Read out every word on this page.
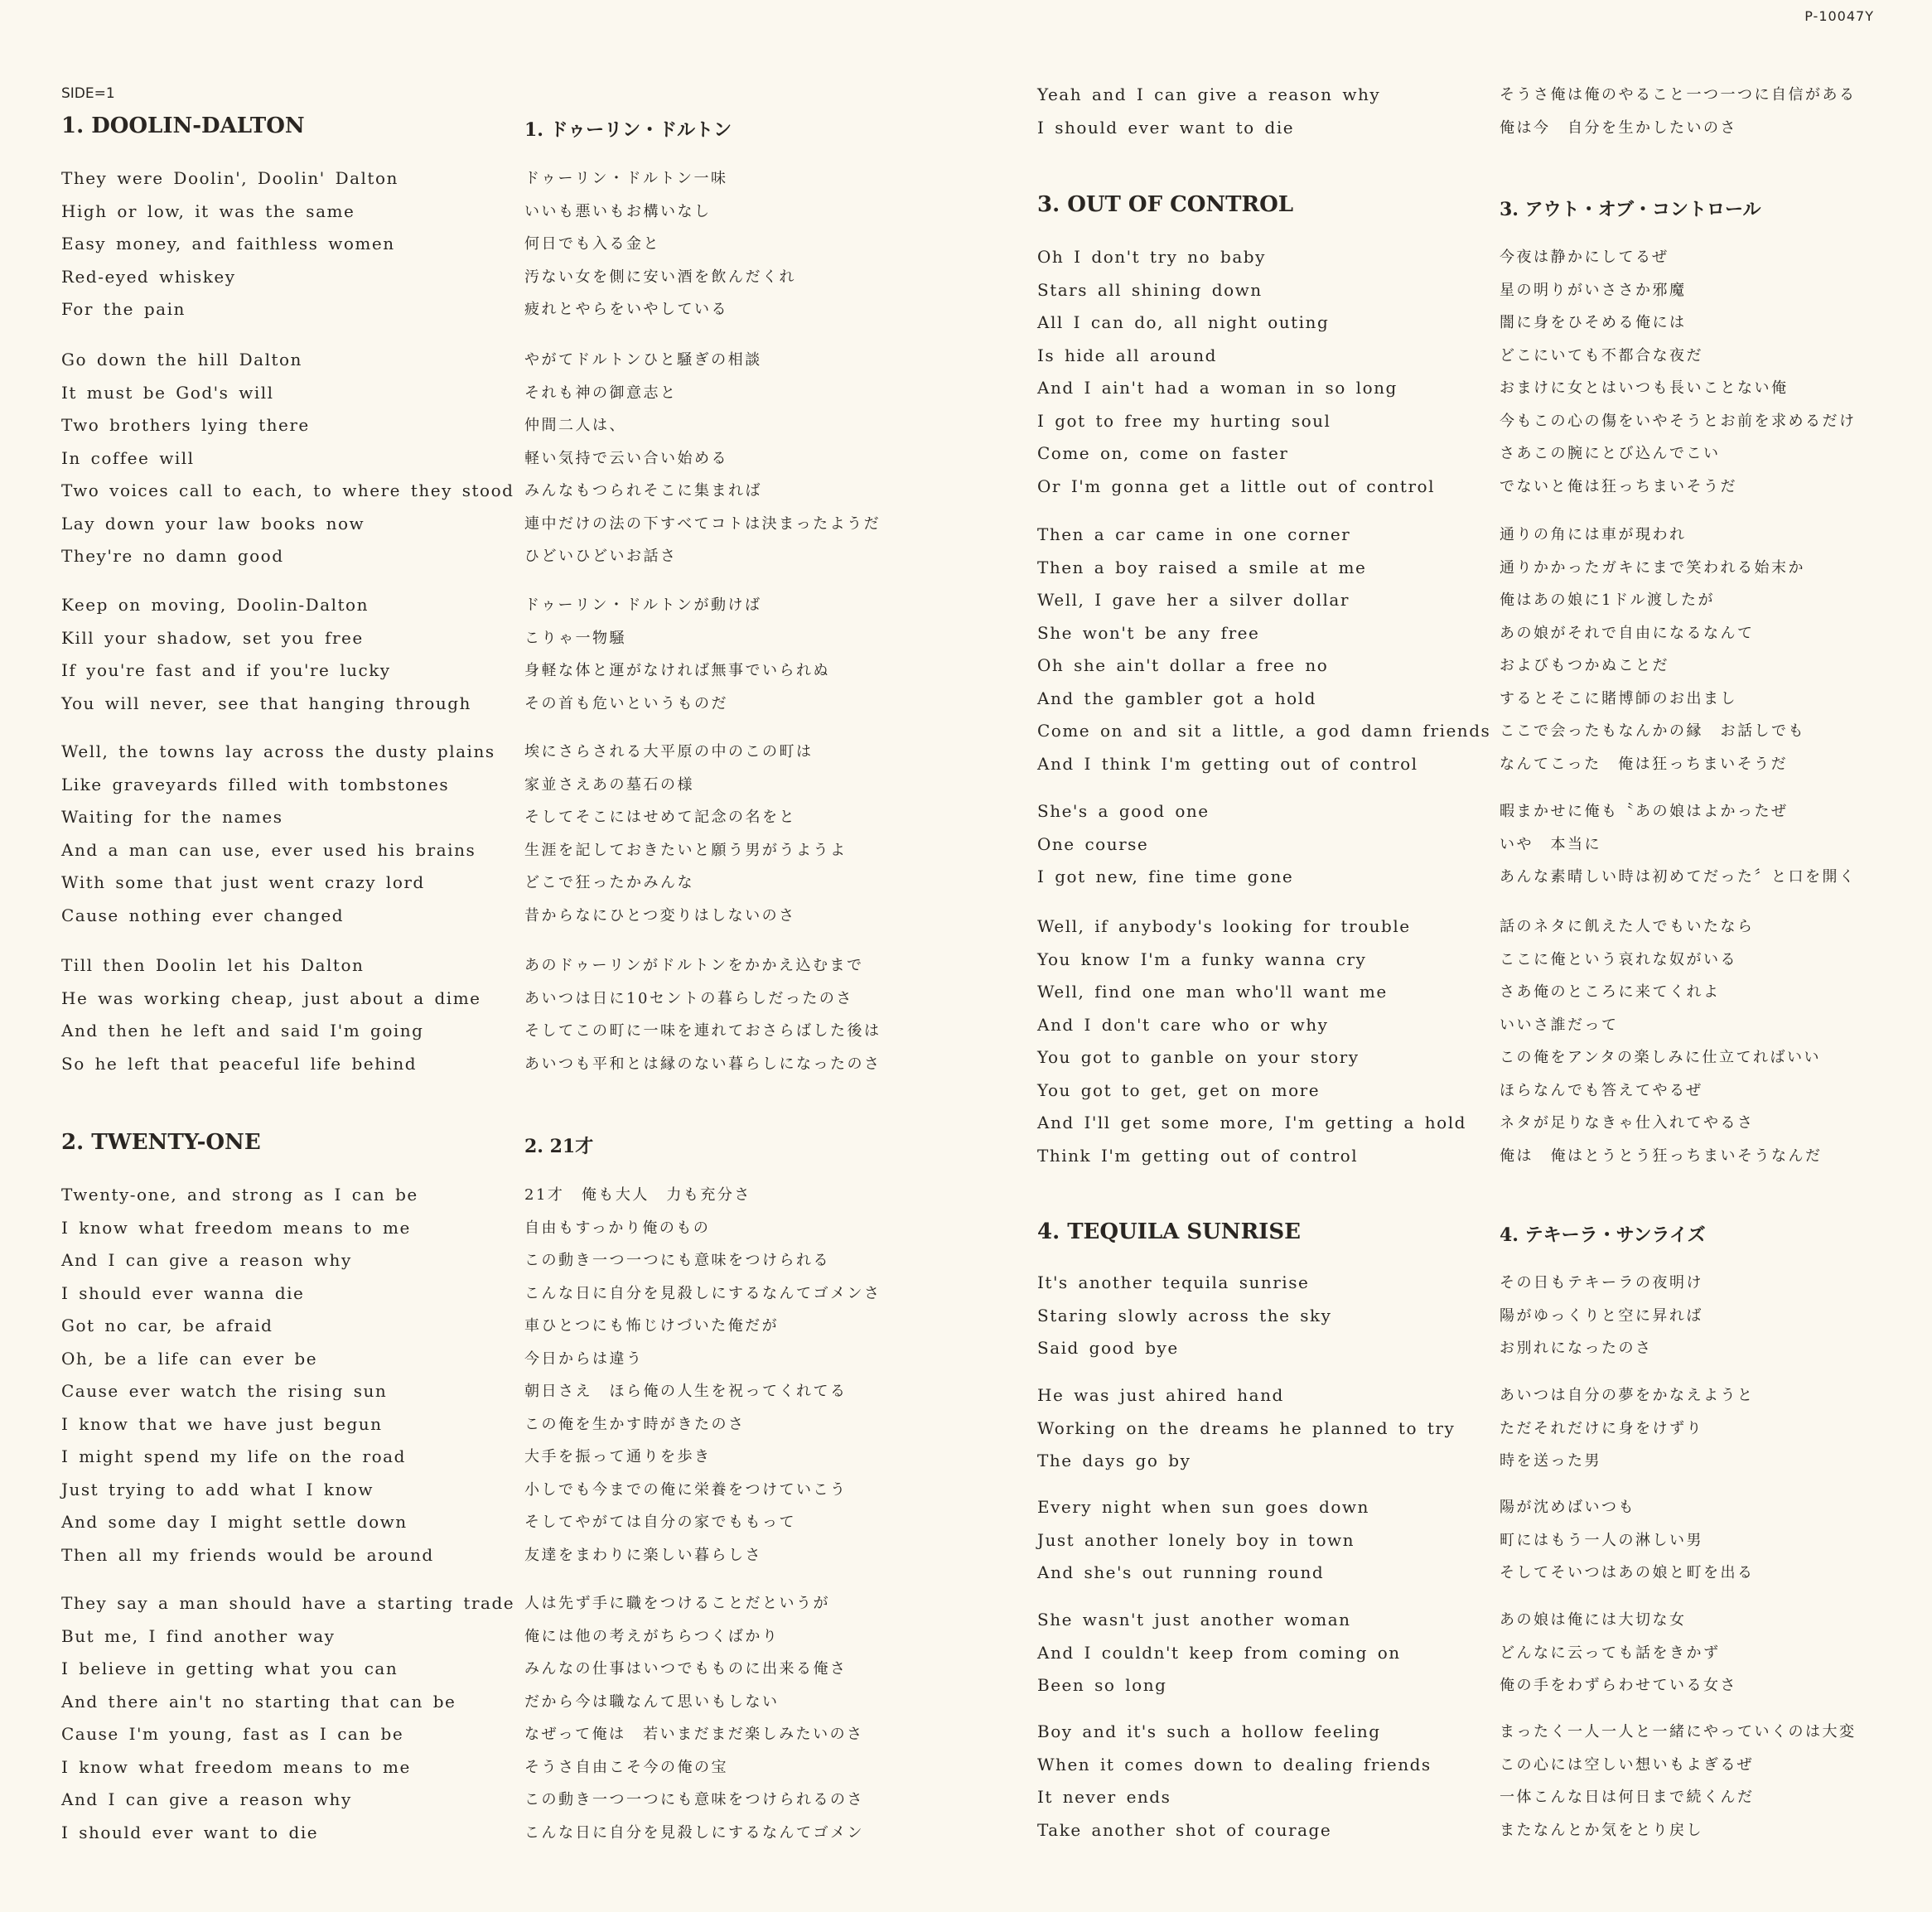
P-10047Y
SIDE=1
1. DOOLIN-DALTON
They were Doolin', Doolin' Dalton
High or low, it was the same
Easy money, and faithless women
Red-eyed whiskey
For the pain
Go down the hill Dalton
It must be God's will
Two brothers lying there
In coffee will
Two voices call to each, to where they stood
Lay down your law books now
They're no damn good
Keep on moving, Doolin-Dalton
Kill your shadow, set you free
If you're fast and if you're lucky
You will never, see that hanging through
Well, the towns lay across the dusty plains
Like graveyards filled with tombstones
Waiting for the names
And a man can use, ever used his brains
With some that just went crazy lord
Cause nothing ever changed
Till then Doolin let his Dalton
He was working cheap, just about a dime
And then he left and said I'm going
So he left that peaceful life behind
2. TWENTY-ONE
Twenty-one, and strong as I can be
I know what freedom means to me
And I can give a reason why
I should ever wanna die
Got no car, be afraid
Oh, be a life can ever be
Cause ever watch the rising sun
I know that we have just begun
I might spend my life on the road
Just trying to add what I know
And some day I might settle down
Then all my friends would be around
They say a man should have a starting trade
But me, I find another way
I believe in getting what you can
And there ain't no starting that can be
Cause I'm young, fast as I can be
I know what freedom means to me
And I can give a reason why
I should ever want to die
1. ドゥーリン・ドルトン
ドゥーリン・ドルトン一味
いいも悪いもお構いなし
何日でも入る金と
汚ない女を側に安い酒を飲んだくれ
疲れとやらをいやしている
やがてドルトンひと騒ぎの相談
それも神の御意志と
仲間二人は、
軽い気持で云い合い始める
みんなもつられそこに集まれば
連中だけの法の下すべてコトは決まったようだ
ひどいひどいお話さ
ドゥーリン・ドルトンが動けば
こりゃ一物騒
身軽な体と運がなければ無事でいられぬ
その首も危いというものだ
埃にさらされる大平原の中のこの町は
家並さえあの墓石の様
そしてそこにはせめて記念の名をと
生涯を記しておきたいと願う男がうようよ
どこで狂ったかみんな
昔からなにひとつ変りはしないのさ
あのドゥーリンがドルトンをかかえ込むまで
あいつは日に10セントの暮らしだったのさ
そしてこの町に一味を連れておさらばした後は
あいつも平和とは縁のない暮らしになったのさ
2. 21才
21才　俺も大人　力も充分さ
自由もすっかり俺のもの
この動き一つ一つにも意味をつけられる
こんな日に自分を見殺しにするなんてゴメンさ
車ひとつにも怖じけづいた俺だが
今日からは違う
朝日さえ　ほら俺の人生を祝ってくれてる
この俺を生かす時がきたのさ
大手を振って通りを歩き
小しでも今までの俺に栄養をつけていこう
そしてやがては自分の家でももって
友達をまわりに楽しい暮らしさ
人は先ず手に職をつけることだというが
俺には他の考えがちらつくばかり
みんなの仕事はいつでもものに出来る俺さ
だから今は職なんて思いもしない
なぜって俺は　若いまだまだ楽しみたいのさ
そうさ自由こそ今の俺の宝
この動き一つ一つにも意味をつけられるのさ
こんな日に自分を見殺しにするなんてゴメン
Yeah and I can give a reason why
I should ever want to die
3. OUT OF CONTROL
Oh I don't try no baby
Stars all shining down
All I can do, all night outing
Is hide all around
And I ain't had a woman in so long
I got to free my hurting soul
Come on, come on faster
Or I'm gonna get a little out of control
Then a car came in one corner
Then a boy raised a smile at me
Well, I gave her a silver dollar
She won't be any free
Oh she ain't dollar a free no
And the gambler got a hold
Come on and sit a little, a god damn friends
And I think I'm getting out of control
She's a good one
One course
I got new, fine time gone
Well, if anybody's looking for trouble
You know I'm a funky wanna cry
Well, find one man who'll want me
And I don't care who or why
You got to ganble on your story
You got to get, get on more
And I'll get some more, I'm getting a hold
Think I'm getting out of control
4. TEQUILA SUNRISE
It's another tequila sunrise
Staring slowly across the sky
Said good bye
He was just ahired hand
Working on the dreams he planned to try
The days go by
Every night when sun goes down
Just another lonely boy in town
And she's out running round
She wasn't just another woman
And I couldn't keep from coming on
Been so long
Boy and it's such a hollow feeling
When it comes down to dealing friends
It never ends
Take another shot of courage
そうさ俺は俺のやること一つ一つに自信がある
俺は今　自分を生かしたいのさ
3. アウト・オブ・コントロール
今夜は静かにしてるぜ
星の明りがいささか邪魔
闇に身をひそめる俺には
どこにいても不都合な夜だ
おまけに女とはいつも長いことない俺
今もこの心の傷をいやそうとお前を求めるだけ
さあこの腕にとび込んでこい
でないと俺は狂っちまいそうだ
通りの角には車が現われ
通りかかったガキにまで笑われる始末か
俺はあの娘に1ドル渡したが
あの娘がそれで自由になるなんて
およびもつかぬことだ
するとそこに賭博師のお出まし
ここで会ったもなんかの縁　お話しでも
なんてこった　俺は狂っちまいそうだ
暇まかせに俺も〝あの娘はよかったぜ
いや　本当に
あんな素晴しい時は初めてだった〞と口を開く
話のネタに飢えた人でもいたなら
ここに俺という哀れな奴がいる
さあ俺のところに来てくれよ
いいさ誰だって
この俺をアンタの楽しみに仕立てればいい
ほらなんでも答えてやるぜ
ネタが足りなきゃ仕入れてやるさ
俺は　俺はとうとう狂っちまいそうなんだ
4. テキーラ・サンライズ
その日もテキーラの夜明け
陽がゆっくりと空に昇れば
お別れになったのさ
あいつは自分の夢をかなえようと
ただそれだけに身をけずり
時を送った男
陽が沈めばいつも
町にはもう一人の淋しい男
そしてそいつはあの娘と町を出る
あの娘は俺には大切な女
どんなに云っても話をきかず
俺の手をわずらわせている女さ
まったく一人一人と一緒にやっていくのは大変
この心には空しい想いもよぎるぜ
一体こんな日は何日まで続くんだ
またなんとか気をとり戻し
